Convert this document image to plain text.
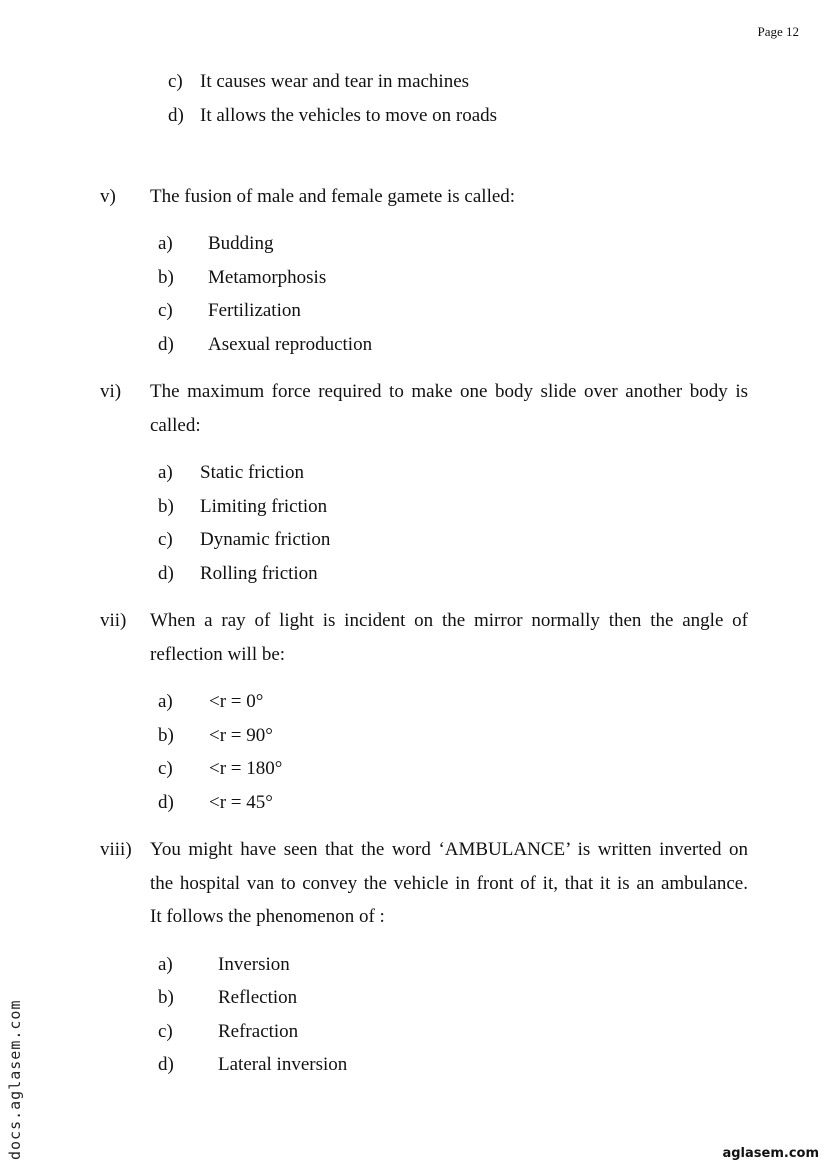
Page 12
c) It causes wear and tear in machines
d) It allows the vehicles to move on roads
v) The fusion of male and female gamete is called:
a) Budding
b) Metamorphosis
c) Fertilization
d) Asexual reproduction
vi) The maximum force required to make one body slide over another body is
called:
a) Static friction
b) Limiting friction
c) Dynamic friction
d) Rolling friction
vii) When a ray of light is incident on the mirror normally then the angle of
reflection will be:
a) <r = 0°
b) <r = 90°
c) <r = 180°
d) <r = 45°
viii) You might have seen that the word ‘AMBULANCE’ is written inverted on
the hospital van to convey the vehicle in front of it, that it is an ambulance.
It follows the phenomenon of :
a) Inversion
b) Reflection
c) Refraction
d) Lateral inversion
docs.aglasem.com	aglasem.com
